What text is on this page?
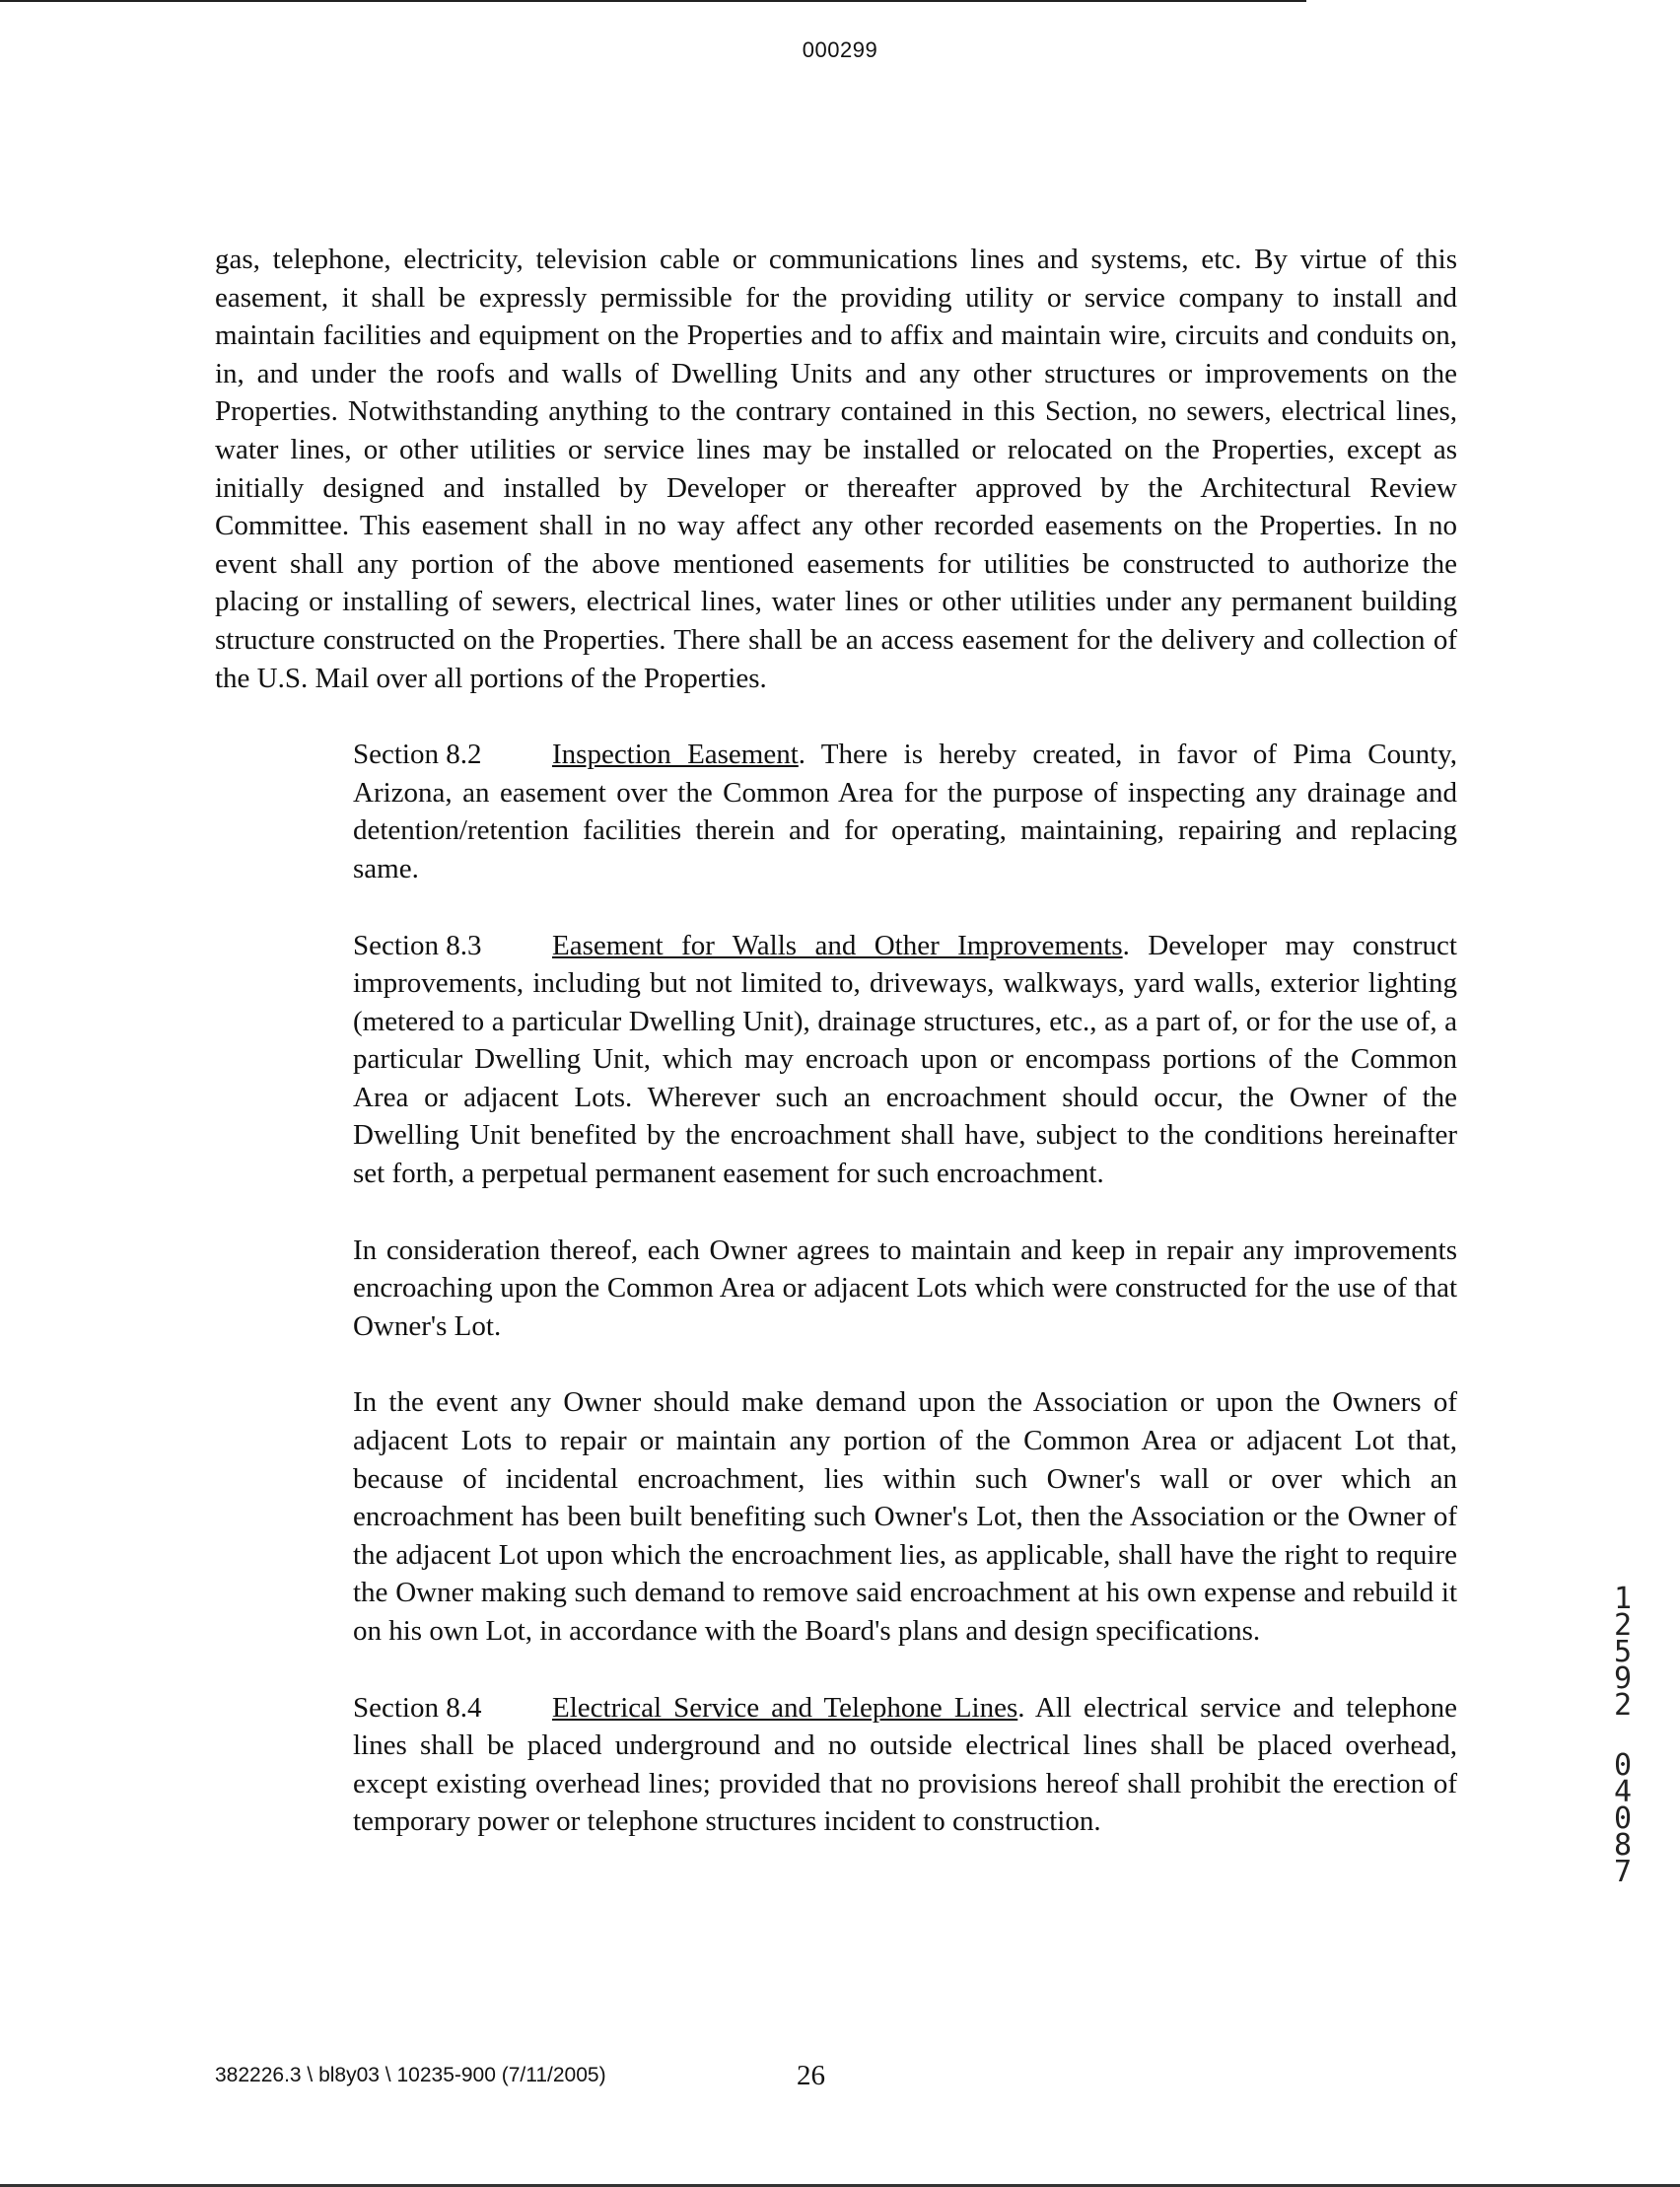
000299

gas, telephone, electricity, television cable or communications lines and systems, etc. By virtue of this easement, it shall be expressly permissible for the providing utility or service company to install and maintain facilities and equipment on the Properties and to affix and maintain wire, circuits and conduits on, in, and under the roofs and walls of Dwelling Units and any other structures or improvements on the Properties. Notwithstanding anything to the contrary contained in this Section, no sewers, electrical lines, water lines, or other utilities or service lines may be installed or relocated on the Properties, except as initially designed and installed by Developer or thereafter approved by the Architectural Review Committee. This easement shall in no way affect any other recorded easements on the Properties. In no event shall any portion of the above mentioned easements for utilities be constructed to authorize the placing or installing of sewers, electrical lines, water lines or other utilities under any permanent building structure constructed on the Properties. There shall be an access easement for the delivery and collection of the U.S. Mail over all portions of the Properties.

Section 8.2 Inspection Easement. There is hereby created, in favor of Pima County, Arizona, an easement over the Common Area for the purpose of inspecting any drainage and detention/retention facilities therein and for operating, maintaining, repairing and replacing same.

Section 8.3 Easement for Walls and Other Improvements. Developer may construct improvements, including but not limited to, driveways, walkways, yard walls, exterior lighting (metered to a particular Dwelling Unit), drainage structures, etc., as a part of, or for the use of, a particular Dwelling Unit, which may encroach upon or encompass portions of the Common Area or adjacent Lots. Wherever such an encroachment should occur, the Owner of the Dwelling Unit benefited by the encroachment shall have, subject to the conditions hereinafter set forth, a perpetual permanent easement for such encroachment.

In consideration thereof, each Owner agrees to maintain and keep in repair any improvements encroaching upon the Common Area or adjacent Lots which were constructed for the use of that Owner's Lot.

In the event any Owner should make demand upon the Association or upon the Owners of adjacent Lots to repair or maintain any portion of the Common Area or adjacent Lot that, because of incidental encroachment, lies within such Owner's wall or over which an encroachment has been built benefiting such Owner's Lot, then the Association or the Owner of the adjacent Lot upon which the encroachment lies, as applicable, shall have the right to require the Owner making such demand to remove said encroachment at his own expense and rebuild it on his own Lot, in accordance with the Board's plans and design specifications.

Section 8.4 Electrical Service and Telephone Lines. All electrical service and telephone lines shall be placed underground and no outside electrical lines shall be placed overhead, except existing overhead lines; provided that no provisions hereof shall prohibit the erection of temporary power or telephone structures incident to construction.

1
2
5
9
2
0
4
0
8
7
382226.3 \ bl8y03 \ 10235-900 (7/11/2005)	26
